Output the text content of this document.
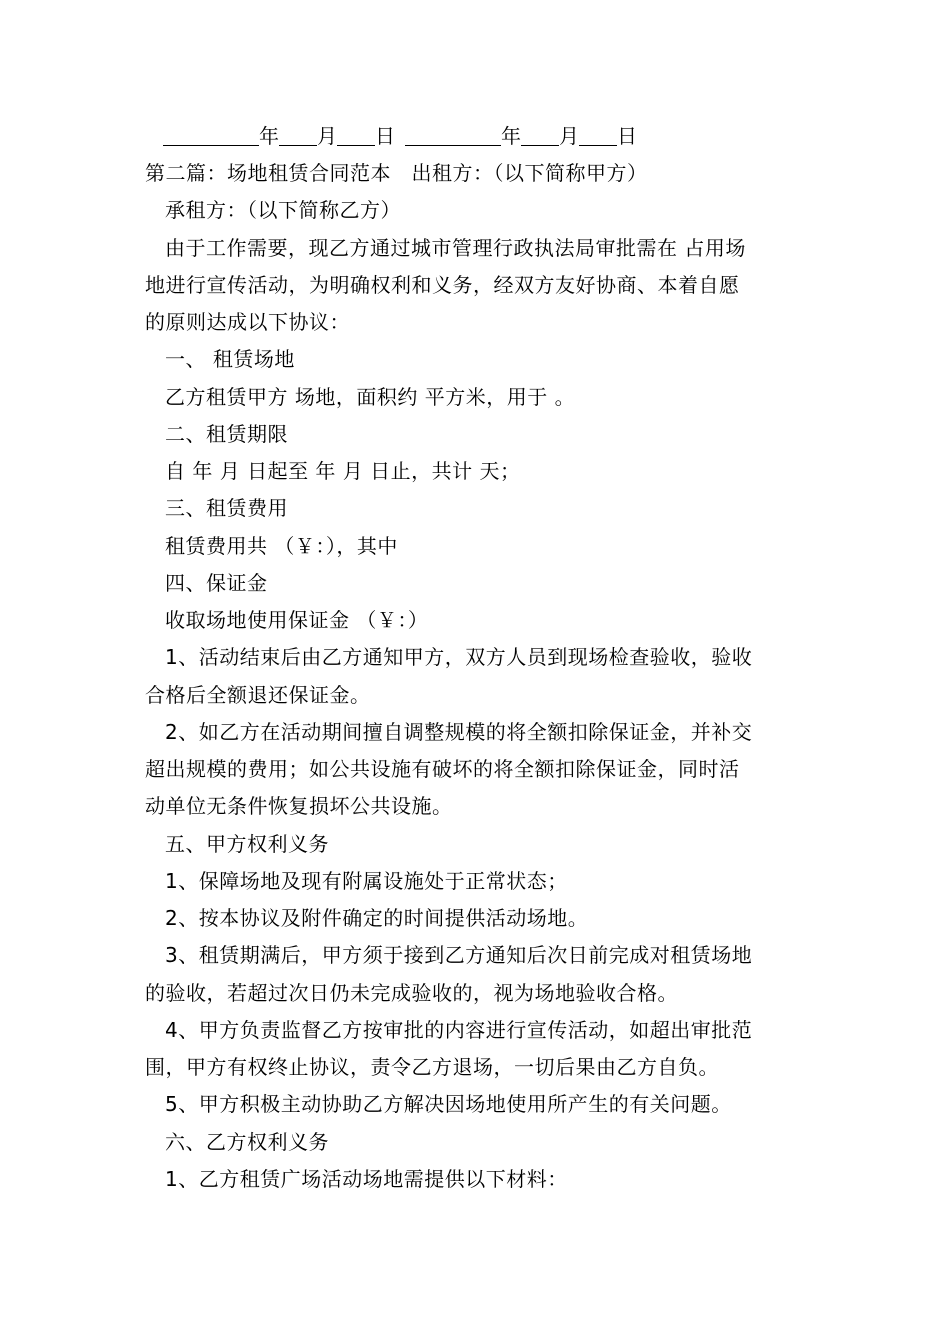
年 月 日	年 月 日
第二篇：场地租赁合同范本　出租方：（以下简称甲方）
承租方：（以下简称乙方）
由于工作需要，现乙方通过城市管理行政执法局审批需在 占用场
地进行宣传活动，为明确权利和义务，经双方友好协商、本着自愿
的原则达成以下协议：
一、 租赁场地
乙方租赁甲方 场地，面积约 平方米，用于 。
二、租赁期限
自 年 月 日起至 年 月 日止，共计 天；
三、租赁费用
租赁费用共 （￥：），其中
四、保证金
收取场地使用保证金 （￥：）
1、活动结束后由乙方通知甲方，双方人员到现场检查验收，验收
合格后全额退还保证金。
2、如乙方在活动期间擅自调整规模的将全额扣除保证金，并补交
超出规模的费用；如公共设施有破坏的将全额扣除保证金，同时活
动单位无条件恢复损坏公共设施。
五、甲方权利义务
1、保障场地及现有附属设施处于正常状态；
2、按本协议及附件确定的时间提供活动场地。
3、租赁期满后，甲方须于接到乙方通知后次日前完成对租赁场地
的验收，若超过次日仍未完成验收的，视为场地验收合格。
4、甲方负责监督乙方按审批的内容进行宣传活动，如超出审批范
围，甲方有权终止协议，责令乙方退场，一切后果由乙方自负。
5、甲方积极主动协助乙方解决因场地使用所产生的有关问题。
六、乙方权利义务
1、乙方租赁广场活动场地需提供以下材料：
